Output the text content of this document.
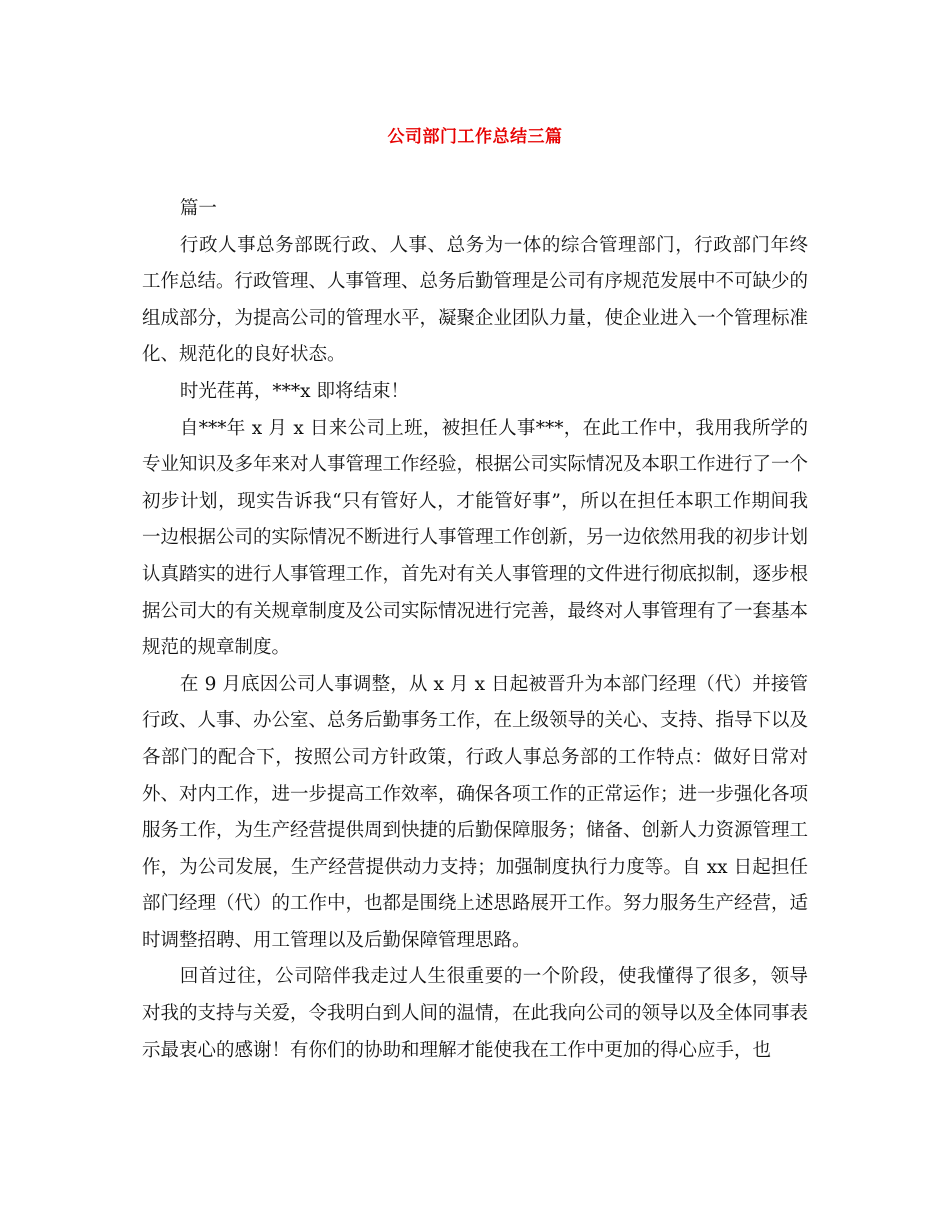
公司部门工作总结三篇

篇一

行政人事总务部既行政、人事、总务为一体的综合管理部门，行政部门年终工作总结。行政管理、人事管理、总务后勤管理是公司有序规范发展中不可缺少的组成部分，为提高公司的管理水平，凝聚企业团队力量，使企业进入一个管理标准化、规范化的良好状态。

时光荏苒，***x 即将结束！

自***年 x 月 x 日来公司上班，被担任人事***，在此工作中，我用我所学的专业知识及多年来对人事管理工作经验，根据公司实际情况及本职工作进行了一个初步计划，现实告诉我“只有管好人，才能管好事”，所以在担任本职工作期间我一边根据公司的实际情况不断进行人事管理工作创新，另一边依然用我的初步计划认真踏实的进行人事管理工作，首先对有关人事管理的文件进行彻底拟制，逐步根据公司大的有关规章制度及公司实际情况进行完善，最终对人事管理有了一套基本规范的规章制度。

在 9 月底因公司人事调整，从 x 月 x 日起被晋升为本部门经理（代）并接管行政、人事、办公室、总务后勤事务工作，在上级领导的关心、支持、指导下以及各部门的配合下，按照公司方针政策，行政人事总务部的工作特点：做好日常对外、对内工作，进一步提高工作效率，确保各项工作的正常运作；进一步强化各项服务工作，为生产经营提供周到快捷的后勤保障服务；储备、创新人力资源管理工作，为公司发展，生产经营提供动力支持；加强制度执行力度等。自 xx 日起担任部门经理（代）的工作中，也都是围绕上述思路展开工作。努力服务生产经营，适时调整招聘、用工管理以及后勤保障管理思路。

回首过往，公司陪伴我走过人生很重要的一个阶段，使我懂得了很多，领导对我的支持与关爱，令我明白到人间的温情，在此我向公司的领导以及全体同事表示最衷心的感谢！有你们的协助和理解才能使我在工作中更加的得心应手，也
